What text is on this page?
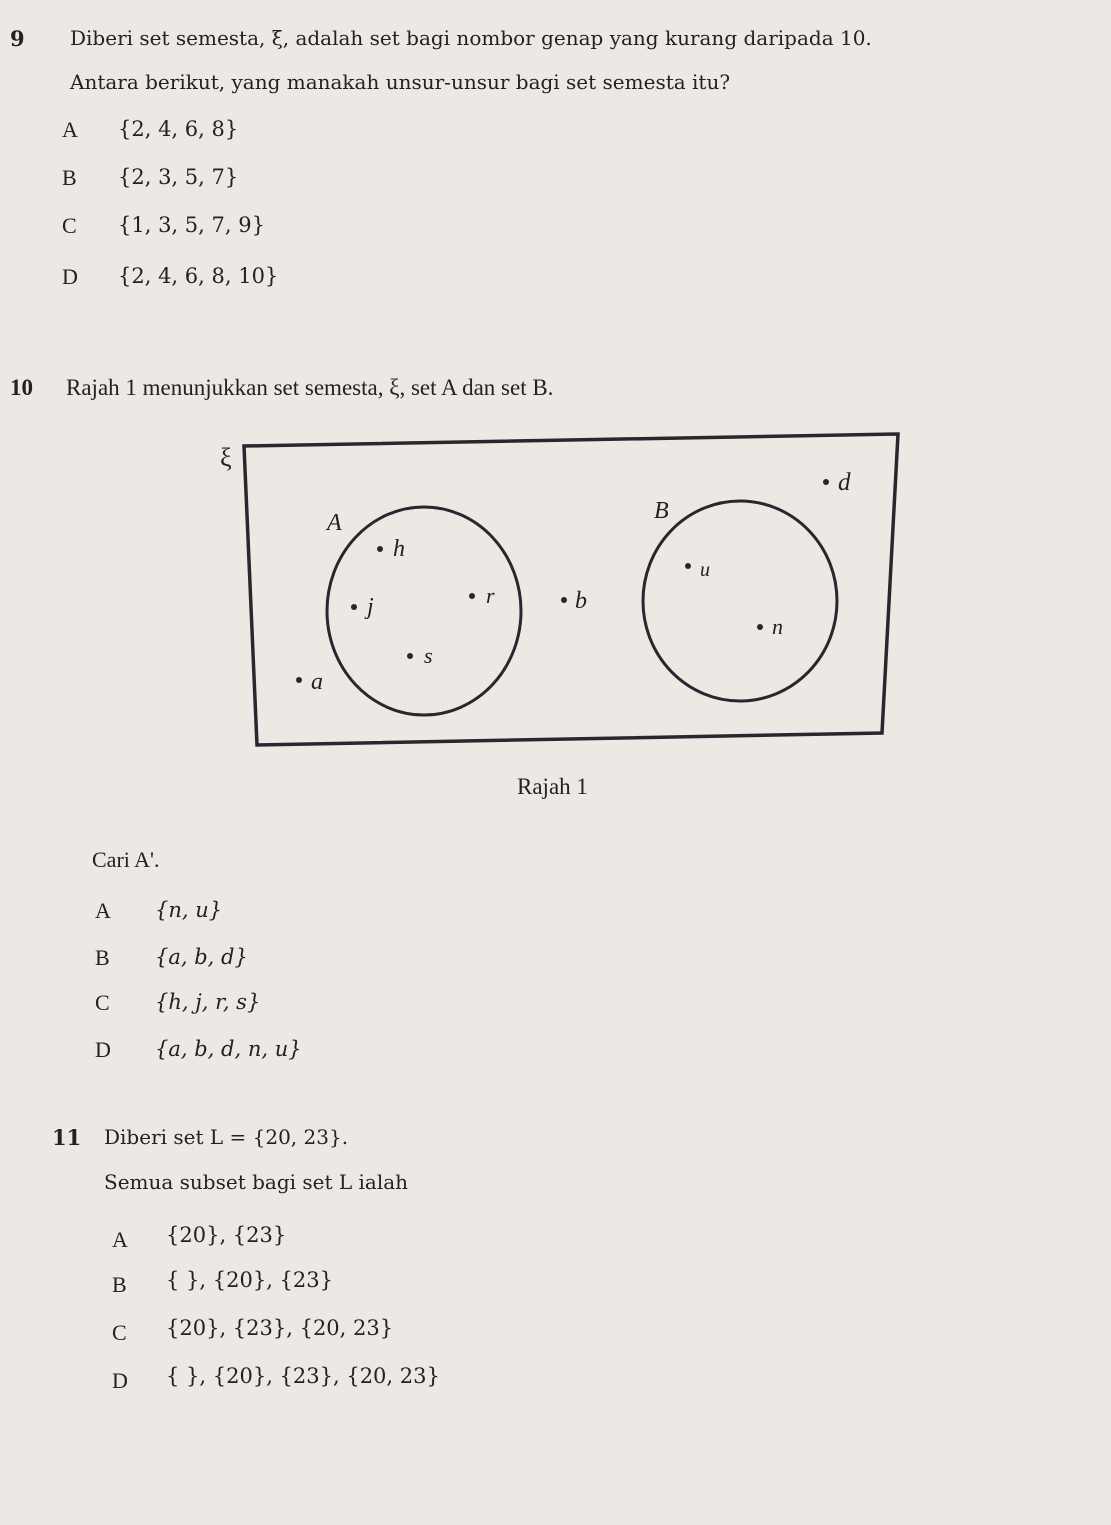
9 Diberi set semesta, ξ, adalah set bagi nombor genap yang kurang daripada 10.
Antara berikut, yang manakah unsur-unsur bagi set semesta itu?
A {2, 4, 6, 8}
B {2, 3, 5, 7}
C {1, 3, 5, 7, 9}
D {2, 4, 6, 8, 10}
10 Rajah 1 menunjukkan set semesta, ξ, set A dan set B.
ξ
A	B
h
j	r
s
a
b
d
u
n
Rajah 1
Cari A'.
A {n, u}
B {a, b, d}
C {h, j, r, s}
D {a, b, d, n, u}
11 Diberi set L = {20, 23}.
Semua subset bagi set L ialah
A {20}, {23}
B { }, {20}, {23}
C {20}, {23}, {20, 23}
D { }, {20}, {23}, {20, 23}
